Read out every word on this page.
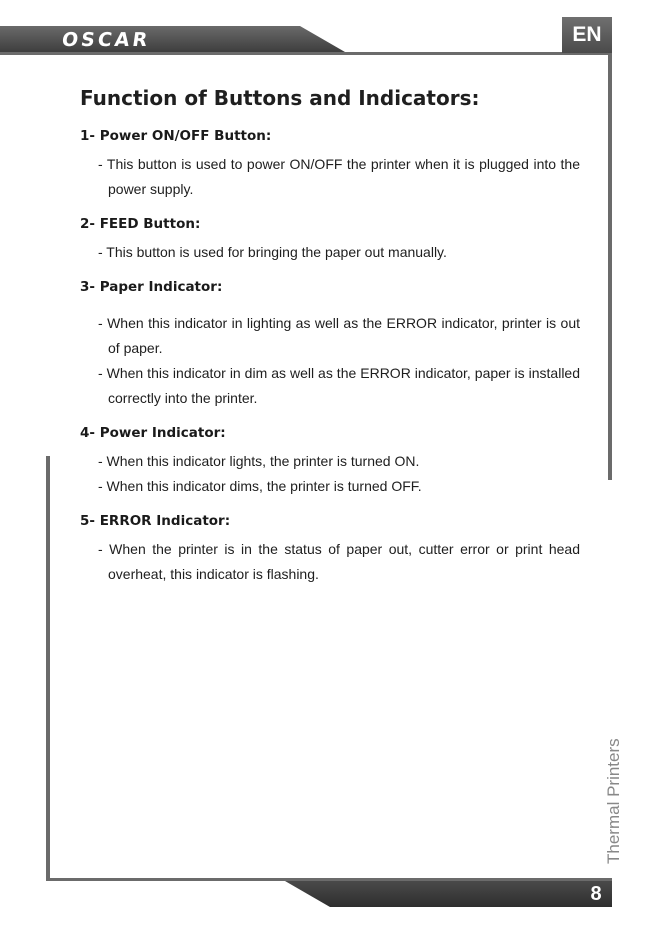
OSCAR	EN
Function of Buttons and Indicators:

1- Power ON/OFF Button:

- This button is used to power ON/OFF the printer when it is plugged into the power supply.

2- FEED Button:

- This button is used for bringing the paper out manually.

3- Paper Indicator:

- When this indicator in lighting as well as the ERROR indicator, printer is out of paper.

- When this indicator in dim as well as the ERROR indicator, paper is installed correctly into the printer.

4- Power Indicator:

- When this indicator lights, the printer is turned ON.

- When this indicator dims, the printer is turned OFF.

5- ERROR Indicator:

- When the printer is in the status of paper out, cutter error or print head overheat, this indicator is flashing.

Thermal Printers
8
